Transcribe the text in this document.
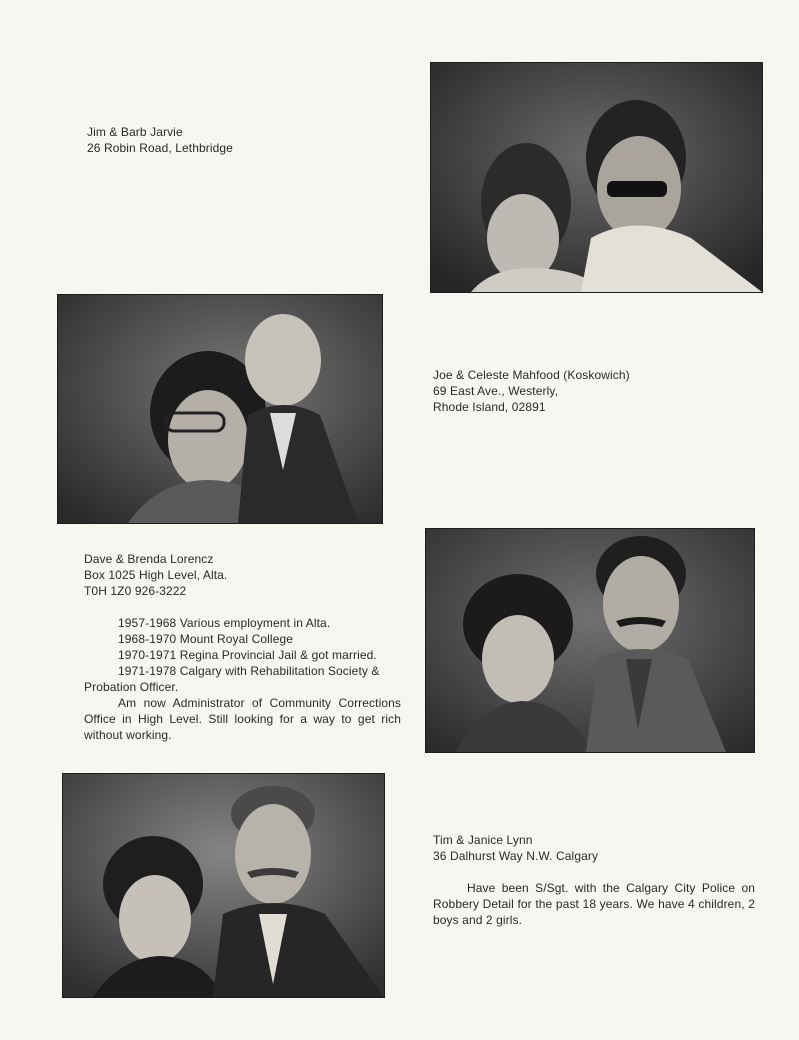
Jim & Barb Jarvie

26 Robin Road, Lethbridge

Joe & Celeste Mahfood (Koskowich)

69 East Ave., Westerly,

Rhode Island, 02891

Dave & Brenda Lorencz

Box 1025 High Level, Alta.

T0H 1Z0 926-3222

1957-1968 Various employment in Alta.

1968-1970 Mount Royal College

1970-1971 Regina Provincial Jail & got married.

1971-1978 Calgary with Rehabilitation Society & Probation Officer.

Am now Administrator of Community Corrections Office in High Level. Still looking for a way to get rich without working.

Tim & Janice Lynn

36 Dalhurst Way N.W. Calgary

Have been S/Sgt. with the Calgary City Police on Robbery Detail for the past 18 years. We have 4 children, 2 boys and 2 girls.
